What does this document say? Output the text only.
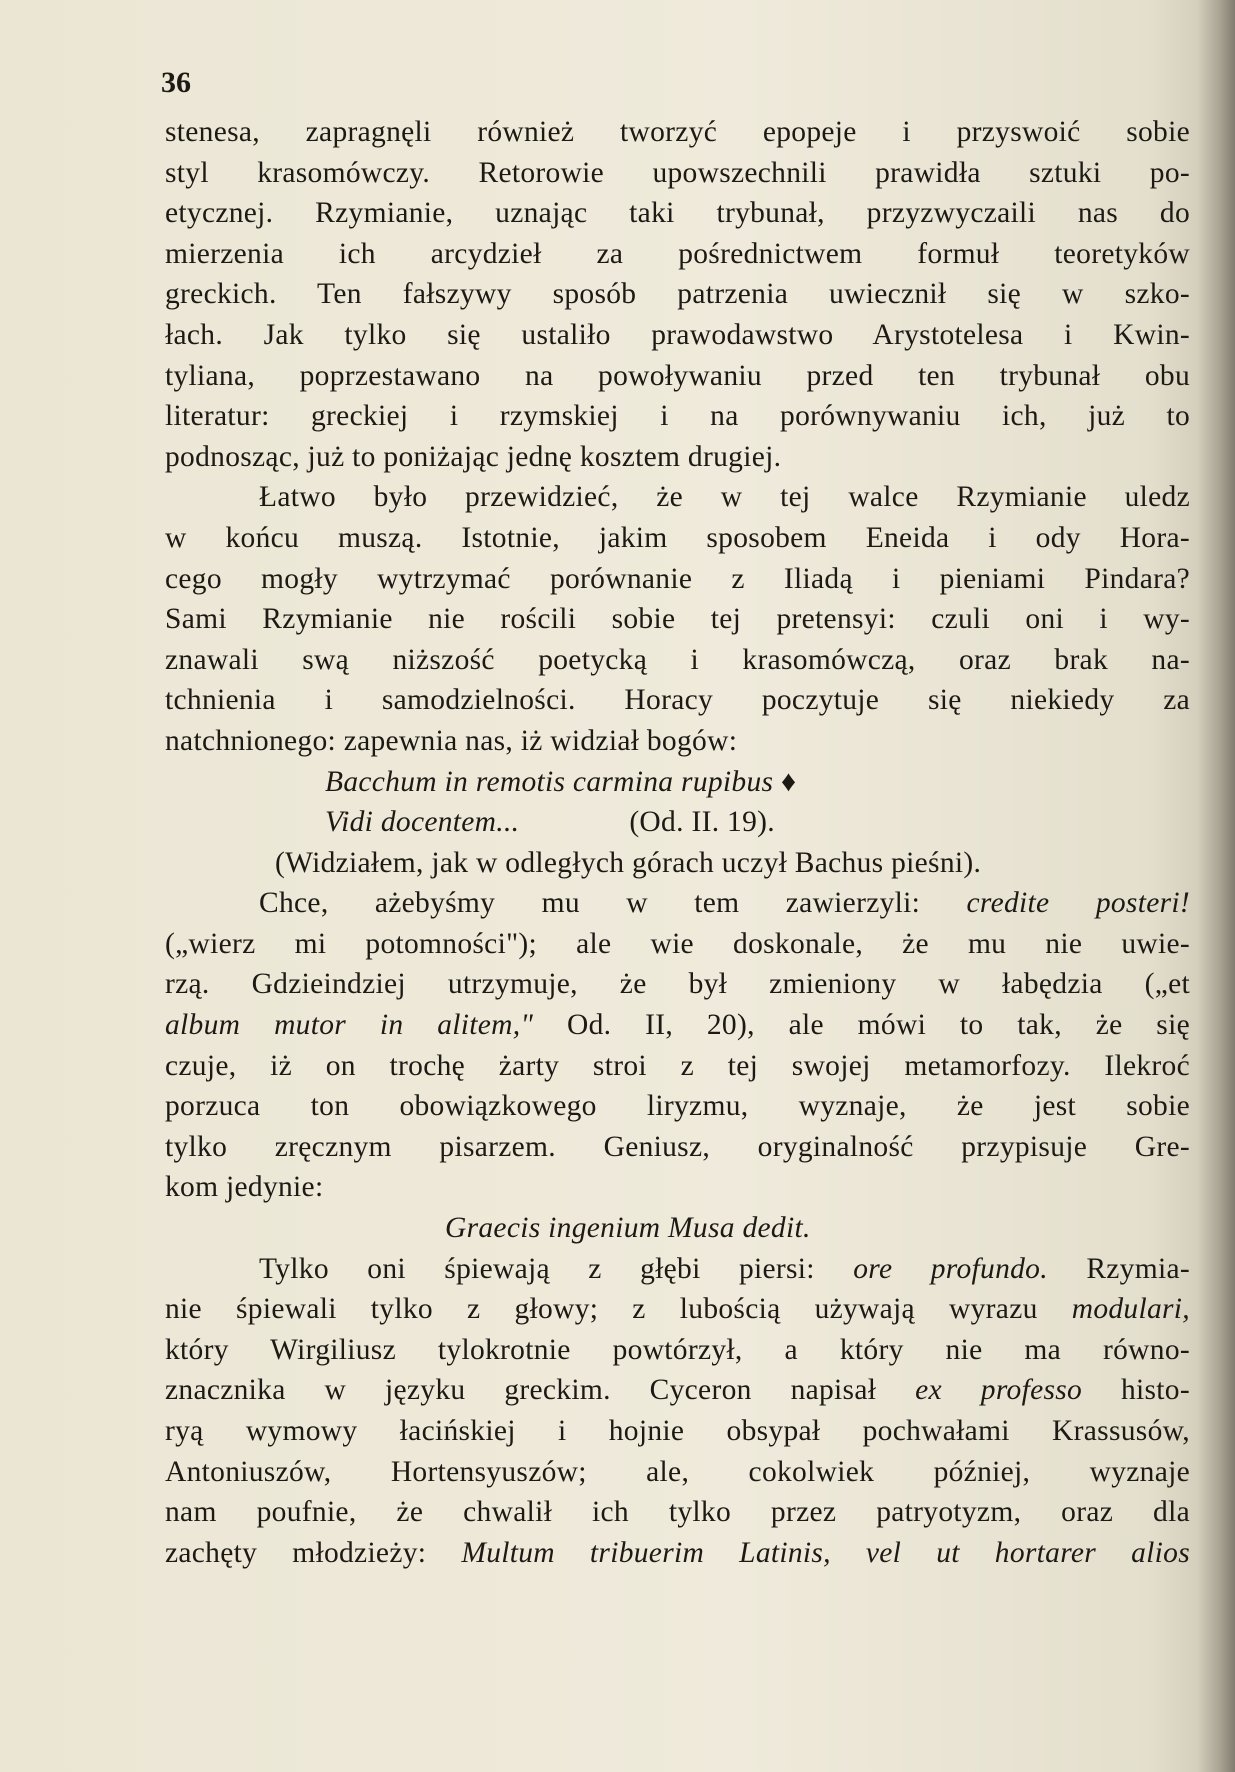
36
stenesa, zapragnęli również tworzyć epopeje i przyswoić sobie
styl krasomówczy. Retorowie upowszechnili prawidła sztuki po-
etycznej. Rzymianie, uznając taki trybunał, przyzwyczaili nas do
mierzenia ich arcydzieł za pośrednictwem formuł teoretyków
greckich. Ten fałszywy sposób patrzenia uwiecznił się w szko-
łach. Jak tylko się ustaliło prawodawstwo Arystotelesa i Kwin-
tyliana, poprzestawano na powoływaniu przed ten trybunał obu
literatur: greckiej i rzymskiej i na porównywaniu ich, już to
podnosząc, już to poniżając jednę kosztem drugiej.
Łatwo było przewidzieć, że w tej walce Rzymianie uledz
w końcu muszą. Istotnie, jakim sposobem Eneida i ody Hora-
cego mogły wytrzymać porównanie z Iliadą i pieniami Pindara?
Sami Rzymianie nie rościli sobie tej pretensyi: czuli oni i wy-
znawali swą niższość poetycką i krasomówczą, oraz brak na-
tchnienia i samodzielności. Horacy poczytuje się niekiedy za
natchnionego: zapewnia nas, iż widział bogów:
Bacchum in remotis carmina rupibus ♦
Vidi docentem...	(Od. II. 19).
(Widziałem, jak w odległych górach uczył Bachus pieśni).
Chce, ażebyśmy mu w tem zawierzyli: credite posteri!
(„wierz mi potomności"); ale wie doskonale, że mu nie uwie-
rzą. Gdzieindziej utrzymuje, że był zmieniony w łabędzia („et
album mutor in alitem," Od. II, 20), ale mówi to tak, że się
czuje, iż on trochę żarty stroi z tej swojej metamorfozy. Ilekroć
porzuca ton obowiązkowego liryzmu, wyznaje, że jest sobie
tylko zręcznym pisarzem. Geniusz, oryginalność przypisuje Gre-
kom jedynie:
Graecis ingenium Musa dedit.
Tylko oni śpiewają z głębi piersi: ore profundo. Rzymia-
nie śpiewali tylko z głowy; z lubością używają wyrazu modulari,
który Wirgiliusz tylokrotnie powtórzył, a który nie ma równo-
znacznika w języku greckim. Cyceron napisał ex professo histo-
ryą wymowy łacińskiej i hojnie obsypał pochwałami Krassusów,
Antoniuszów, Hortensyuszów; ale, cokolwiek później, wyznaje
nam poufnie, że chwalił ich tylko przez patryotyzm, oraz dla
zachęty młodzieży: Multum tribuerim Latinis, vel ut hortarer alios
